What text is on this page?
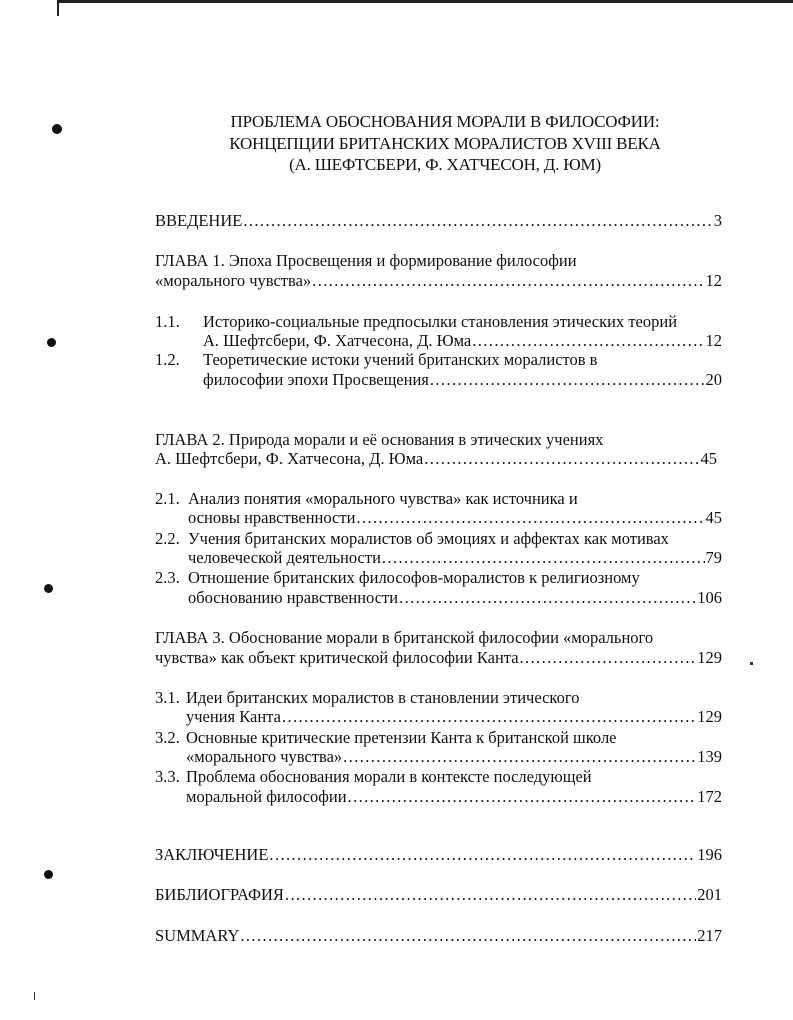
ПРОБЛЕМА ОБОСНОВАНИЯ МОРАЛИ В ФИЛОСОФИИ:
КОНЦЕПЦИИ БРИТАНСКИХ МОРАЛИСТОВ XVIII ВЕКА
(А. ШЕФТСБЕРИ, Ф. ХАТЧЕСОН, Д. ЮМ)
ВВЕДЕНИЕ .....	3
ГЛАВА 1. Эпоха Просвещения и формирование философии
«морального чувства» .....	12
1.1. Историко-социальные предпосылки становления этических теорий
А. Шефтсбери, Ф. Хатчесона, Д. Юма .....	12
1.2. Теоретические истоки учений британских моралистов в
философии эпохи Просвещения .....	20
ГЛАВА 2. Природа морали и её основания в этических учениях
А. Шефтсбери, Ф. Хатчесона, Д. Юма .....	45
2.1. Анализ понятия «морального чувства» как источника и
основы нравственности .....	45
2.2. Учения британских моралистов об эмоциях и аффектах как мотивах
человеческой деятельности .....	79
2.3. Отношение британских философов-моралистов к религиозному
обоснованию нравственности .....	106
ГЛАВА 3. Обоснование морали в британской философии «морального
чувства» как объект критической философии Канта .....	129
3.1. Идеи британских моралистов в становлении этического
учения Канта .....	129
3.2. Основные критические претензии Канта к британской школе
«морального чувства» .....	139
3.3. Проблема обоснования морали в контексте последующей
моральной философии .....	172
ЗАКЛЮЧЕНИЕ .....	196
БИБЛИОГРАФИЯ .....	201
SUMMARY .....	217
